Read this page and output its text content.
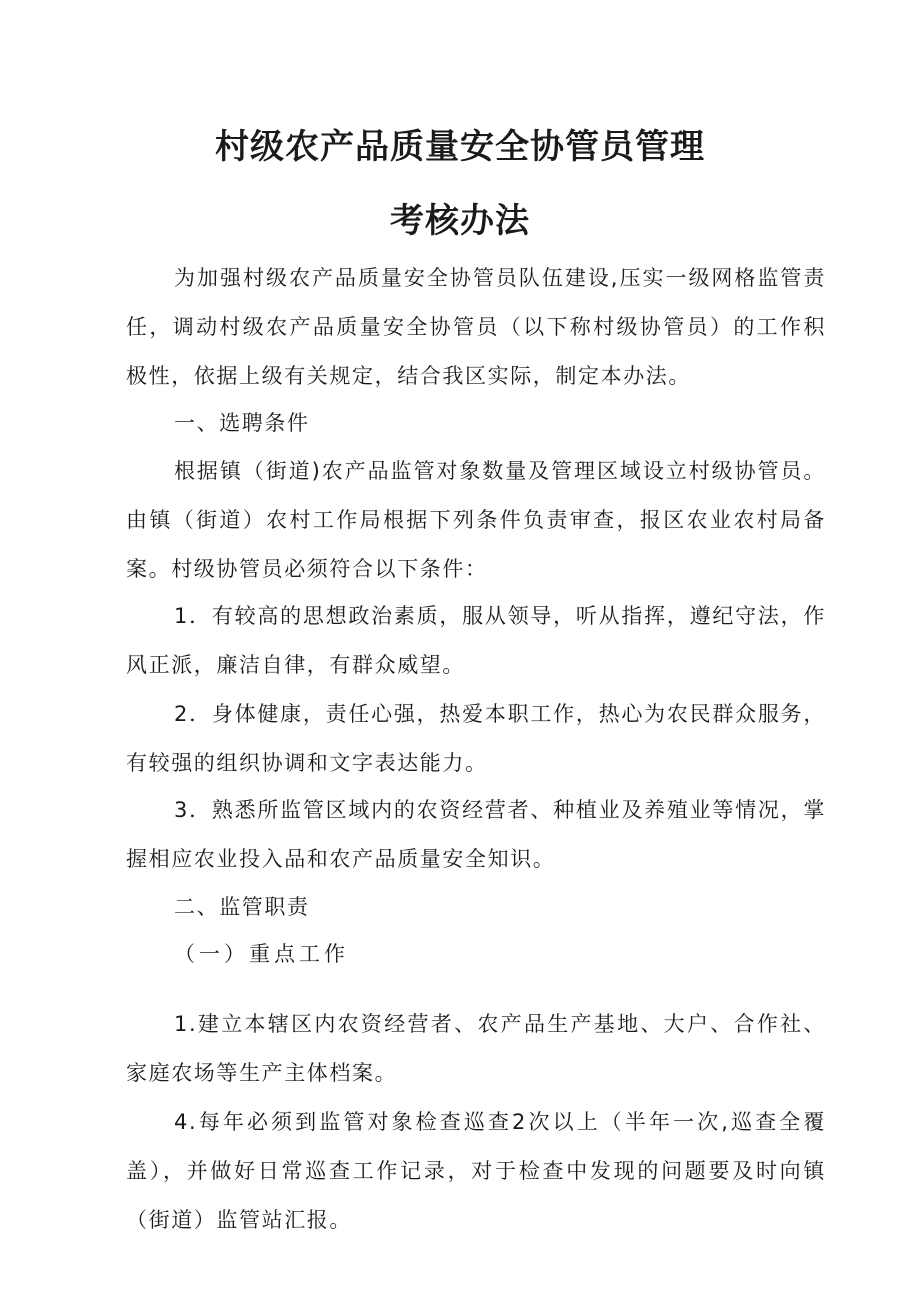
村级农产品质量安全协管员管理
考核办法

为加强村级农产品质量安全协管员队伍建设,压实一级网格监管责任，调动村级农产品质量安全协管员（以下称村级协管员）的工作积极性，依据上级有关规定，结合我区实际，制定本办法。

一、选聘条件

根据镇（街道)农产品监管对象数量及管理区域设立村级协管员。由镇（街道）农村工作局根据下列条件负责审查，报区农业农村局备案。村级协管员必须符合以下条件：

1．有较高的思想政治素质，服从领导，听从指挥，遵纪守法，作风正派，廉洁自律，有群众威望。

2．身体健康，责任心强，热爱本职工作，热心为农民群众服务，有较强的组织协调和文字表达能力。

3．熟悉所监管区域内的农资经营者、种植业及养殖业等情况，掌握相应农业投入品和农产品质量安全知识。

二、监管职责

（一）重点工作

1.建立本辖区内农资经营者、农产品生产基地、大户、合作社、家庭农场等生产主体档案。

4.每年必须到监管对象检查巡查2次以上（半年一次,巡查全覆盖），并做好日常巡查工作记录，对于检查中发现的问题要及时向镇（街道）监管站汇报。
